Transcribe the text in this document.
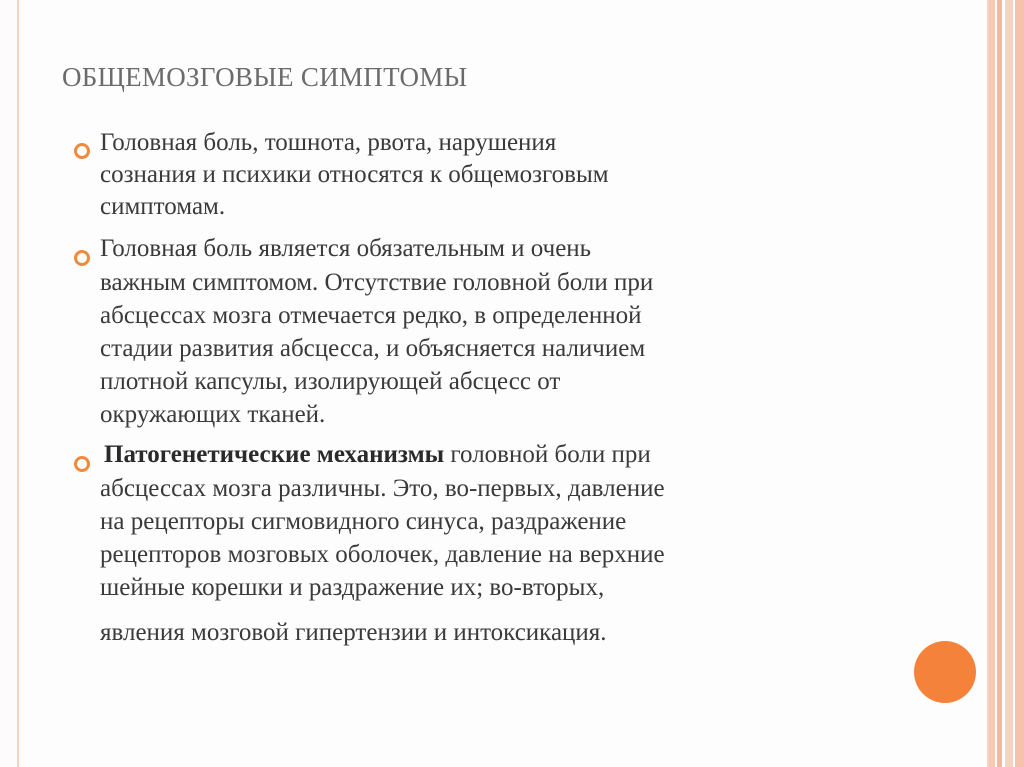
ОБЩЕМОЗГОВЫЕ СИМПТОМЫ
Головная боль, тошнота, рвота, нарушения
сознания и психики относятся к общемозговым
симптомам.
Головная боль является обязательным и очень
важным симптомом. Отсутствие головной боли при
абсцессах мозга отмечается редко, в определенной
стадии развития абсцесса, и объясняется наличием
плотной капсулы, изолирующей абсцесс от
окружающих тканей.
Патогенетические механизмы головной боли при
абсцессах мозга различны. Это, во-первых, давление
на рецепторы сигмовидного синуса, раздражение
рецепторов мозговых оболочек, давление на верхние
шейные корешки и раздражение их; во-вторых,
явления мозговой гипертензии и интоксикация.
